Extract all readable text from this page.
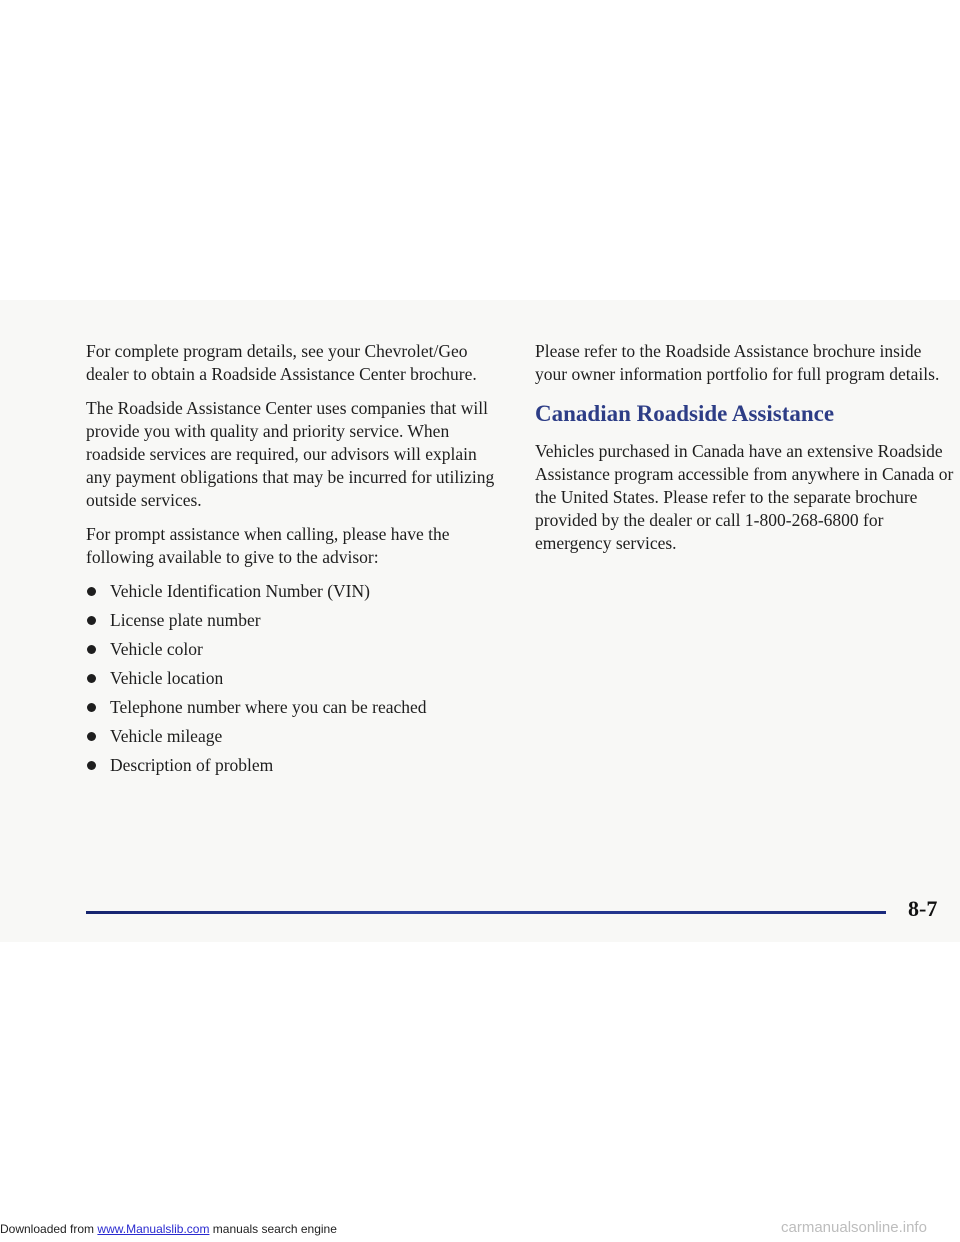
For complete program details, see your Chevrolet/Geo dealer to obtain a Roadside Assistance Center brochure.

The Roadside Assistance Center uses companies that will provide you with quality and priority service. When roadside services are required, our advisors will explain any payment obligations that may be incurred for utilizing outside services.

For prompt assistance when calling, please have the following available to give to the advisor:

Vehicle Identification Number (VIN)
License plate number
Vehicle color
Vehicle location
Telephone number where you can be reached
Vehicle mileage
Description of problem

Please refer to the Roadside Assistance brochure inside your owner information portfolio for full program details.

Canadian Roadside Assistance

Vehicles purchased in Canada have an extensive Roadside Assistance program accessible from anywhere in Canada or the United States. Please refer to the separate brochure provided by the dealer or call 1-800-268-6800 for emergency services.

8-7
Downloaded from www.Manualslib.com manuals search engine	carmanualsonline.info
